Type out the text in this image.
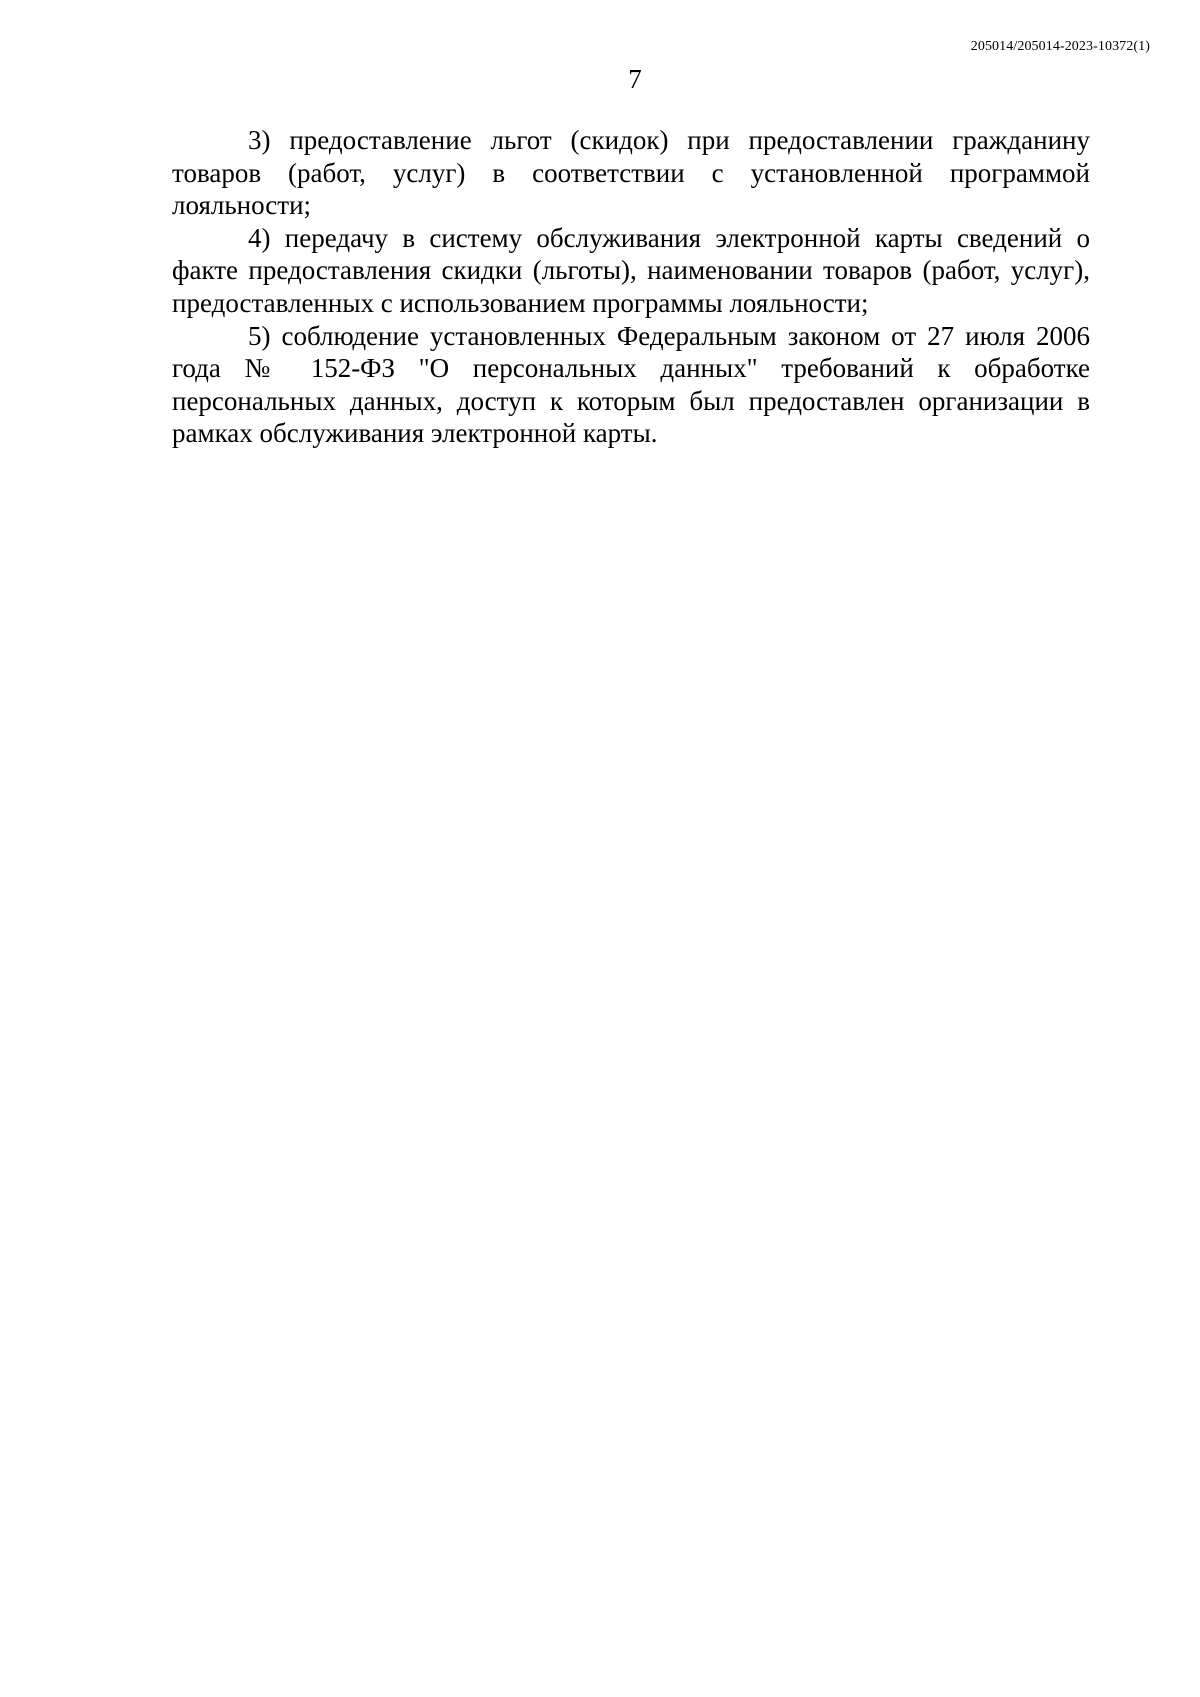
205014/205014-2023-10372(1)
7

3) предоставление льгот (скидок) при предоставлении гражданину товаров (работ, услуг) в соответствии с установленной программой лояльности;

4) передачу в систему обслуживания электронной карты сведений о факте предоставления скидки (льготы), наименовании товаров (работ, услуг), предоставленных с использованием программы лояльности;

5) соблюдение установленных Федеральным законом от 27 июля 2006 года № 152-ФЗ "О персональных данных" требований к обработке персональных данных, доступ к которым был предоставлен организации в рамках обслуживания электронной карты.
